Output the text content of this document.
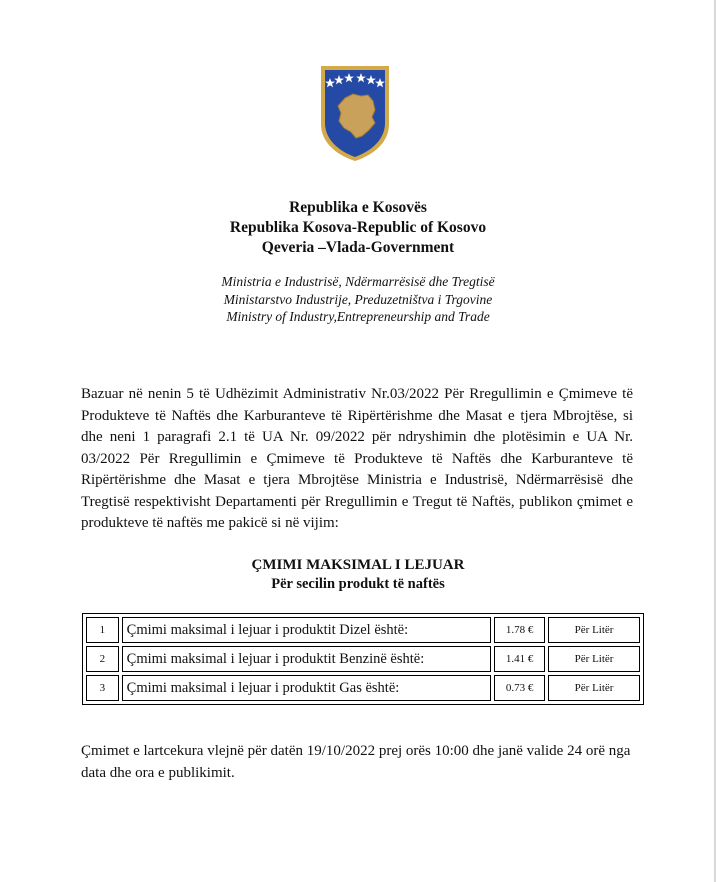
Republika e Kosovës
Republika Kosova-Republic of Kosovo
Qeveria –Vlada-Government
Ministria e Industrisë, Ndërmarrësisë dhe Tregtisë
Ministarstvo Industrije, Preduzetništva i Trgovine
Ministry of Industry,Entrepreneurship and Trade
Bazuar në nenin 5 të Udhëzimit Administrativ Nr.03/2022 Për Rregullimin e Çmimeve të Produkteve të Naftës dhe Karburanteve të Ripërtërishme dhe Masat e tjera Mbrojtëse, si dhe neni 1 paragrafi 2.1 të UA Nr. 09/2022 për ndryshimin dhe plotësimin e UA Nr. 03/2022 Për Rregullimin e Çmimeve të Produkteve të Naftës dhe Karburanteve të Ripërtërishme dhe Masat e tjera Mbrojtëse Ministria e Industrisë, Ndërmarrësisë dhe Tregtisë respektivisht Departamenti për Rregullimin e Tregut të Naftës, publikon çmimet e produkteve të naftës me pakicë si në vijim:
ÇMIMI MAKSIMAL I LEJUAR
Për secilin produkt të naftës
1	Çmimi maksimal i lejuar i produktit Dizel është:	1.78 €	Për Litër
2	Çmimi maksimal i lejuar i produktit Benzinë është:	1.41 €	Për Litër
3	Çmimi maksimal i lejuar i produktit Gas është:	0.73 €	Për Litër
Çmimet e lartcekura vlejnë për datën 19/10/2022 prej orës 10:00 dhe janë valide 24 orë nga data dhe ora e publikimit.
